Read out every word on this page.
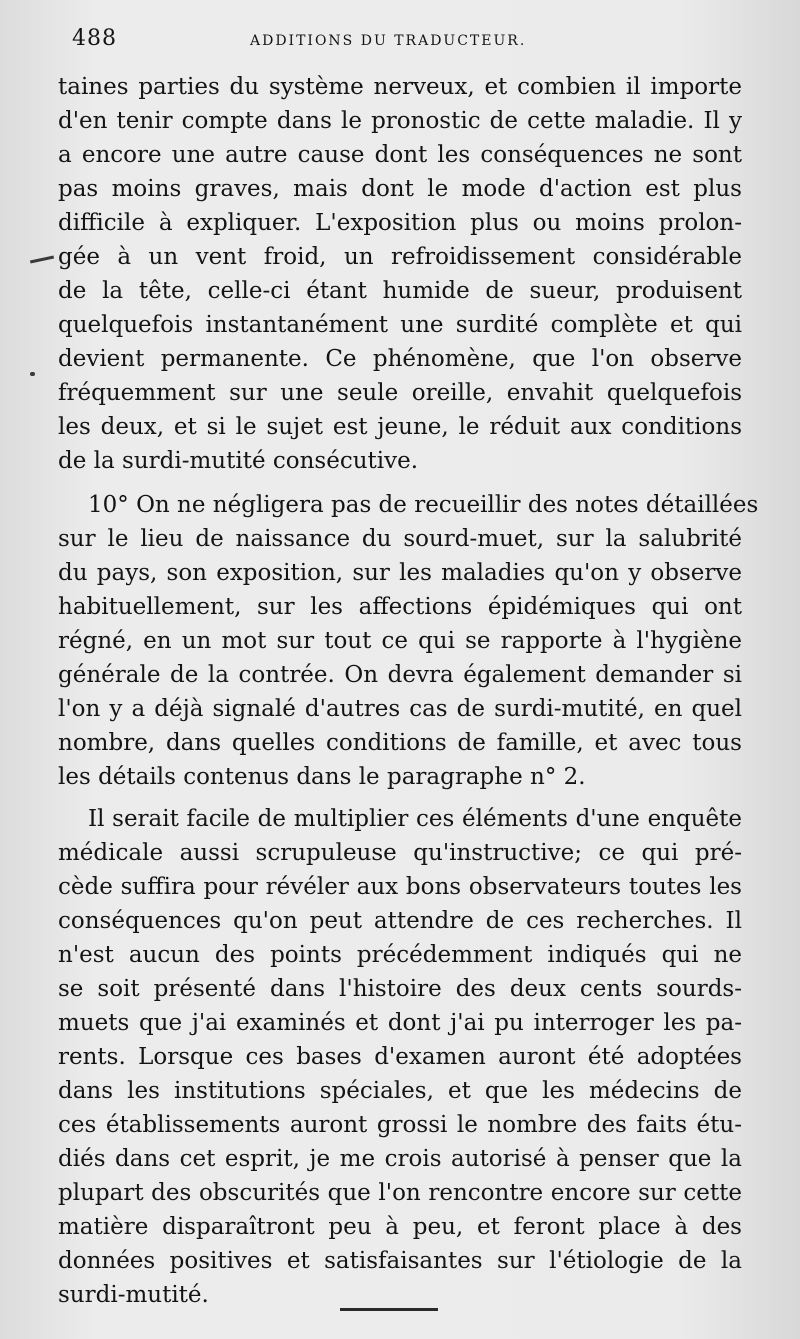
488	ADDITIONS DU TRADUCTEUR.
taines parties du système nerveux, et combien il importe
d'en tenir compte dans le pronostic de cette maladie. Il y
a encore une autre cause dont les conséquences ne sont
pas moins graves, mais dont le mode d'action est plus
difficile à expliquer. L'exposition plus ou moins prolon-
gée à un vent froid, un refroidissement considérable
de la tête, celle-ci étant humide de sueur, produisent
quelquefois instantanément une surdité complète et qui
devient permanente. Ce phénomène, que l'on observe
fréquemment sur une seule oreille, envahit quelquefois
les deux, et si le sujet est jeune, le réduit aux conditions
de la surdi-mutité consécutive.
10° On ne négligera pas de recueillir des notes détaillées
sur le lieu de naissance du sourd-muet, sur la salubrité
du pays, son exposition, sur les maladies qu'on y observe
habituellement, sur les affections épidémiques qui ont
régné, en un mot sur tout ce qui se rapporte à l'hygiène
générale de la contrée. On devra également demander si
l'on y a déjà signalé d'autres cas de surdi-mutité, en quel
nombre, dans quelles conditions de famille, et avec tous
les détails contenus dans le paragraphe n° 2.
Il serait facile de multiplier ces éléments d'une enquête
médicale aussi scrupuleuse qu'instructive; ce qui pré-
cède suffira pour révéler aux bons observateurs toutes les
conséquences qu'on peut attendre de ces recherches. Il
n'est aucun des points précédemment indiqués qui ne
se soit présenté dans l'histoire des deux cents sourds-
muets que j'ai examinés et dont j'ai pu interroger les pa-
rents. Lorsque ces bases d'examen auront été adoptées
dans les institutions spéciales, et que les médecins de
ces établissements auront grossi le nombre des faits étu-
diés dans cet esprit, je me crois autorisé à penser que la
plupart des obscurités que l'on rencontre encore sur cette
matière disparaîtront peu à peu, et feront place à des
données positives et satisfaisantes sur l'étiologie de la
surdi-mutité.
